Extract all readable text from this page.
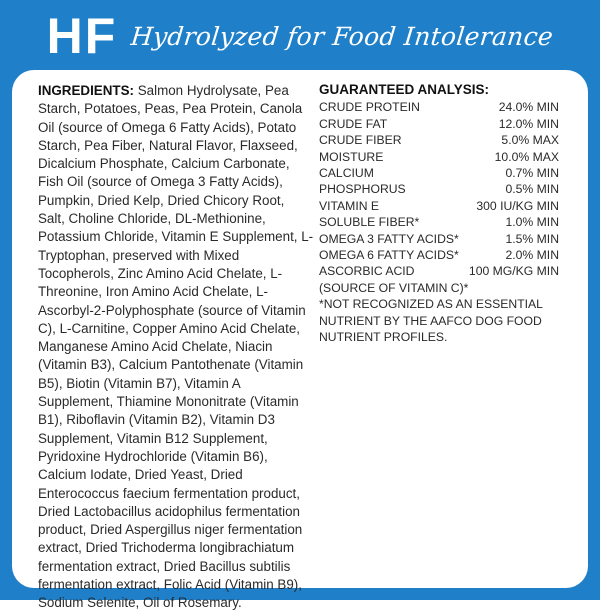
HF Hydrolyzed for Food Intolerance
INGREDIENTS: Salmon Hydrolysate, Pea Starch, Potatoes, Peas, Pea Protein, Canola Oil (source of Omega 6 Fatty Acids), Potato Starch, Pea Fiber, Natural Flavor, Flaxseed, Dicalcium Phosphate, Calcium Carbonate, Fish Oil (source of Omega 3 Fatty Acids), Pumpkin, Dried Kelp, Dried Chicory Root, Salt, Choline Chloride, DL-Methionine, Potassium Chloride, Vitamin E Supplement, L-Tryptophan, preserved with Mixed Tocopherols, Zinc Amino Acid Chelate, L-Threonine, Iron Amino Acid Chelate, L-Ascorbyl-2-Polyphosphate (source of Vitamin C), L-Carnitine, Copper Amino Acid Chelate, Manganese Amino Acid Chelate, Niacin (Vitamin B3), Calcium Pantothenate (Vitamin B5), Biotin (Vitamin B7), Vitamin A Supplement, Thiamine Mononitrate (Vitamin B1), Riboflavin (Vitamin B2), Vitamin D3 Supplement, Vitamin B12 Supplement, Pyridoxine Hydrochloride (Vitamin B6), Calcium Iodate, Dried Yeast, Dried Enterococcus faecium fermentation product, Dried Lactobacillus acidophilus fermentation product, Dried Aspergillus niger fermentation extract, Dried Trichoderma longibrachiatum fermentation extract, Dried Bacillus subtilis fermentation extract, Folic Acid (Vitamin B9), Sodium Selenite, Oil of Rosemary.
GUARANTEED ANALYSIS:
CRUDE PROTEIN	24.0% MIN
CRUDE FAT	12.0% MIN
CRUDE FIBER	5.0% MAX
MOISTURE	10.0% MAX
CALCIUM	0.7% MIN
PHOSPHORUS	0.5% MIN
VITAMIN E	300 IU/KG MIN
SOLUBLE FIBER*	1.0% MIN
OMEGA 3 FATTY ACIDS*	1.5% MIN
OMEGA 6 FATTY ACIDS*	2.0% MIN
ASCORBIC ACID	100 MG/KG MIN
(SOURCE OF VITAMIN C)*
*NOT RECOGNIZED AS AN ESSENTIAL NUTRIENT BY THE AAFCO DOG FOOD NUTRIENT PROFILES.
